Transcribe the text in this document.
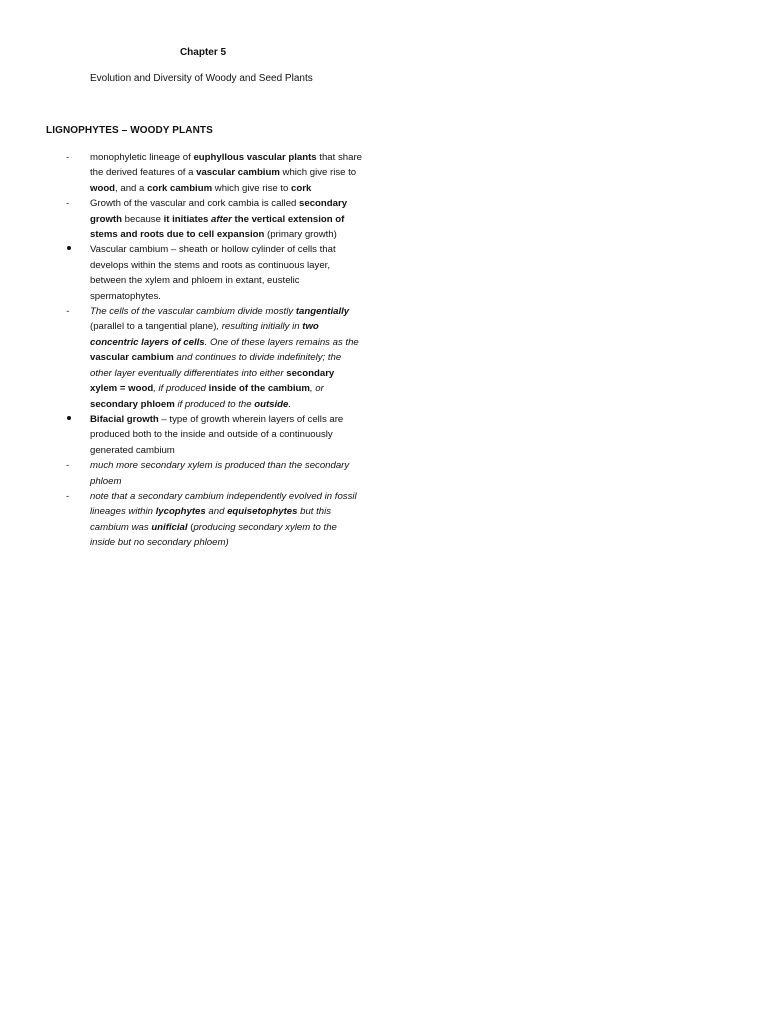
Chapter 5
Evolution and Diversity of Woody and Seed Plants
LIGNOPHYTES – WOODY PLANTS
-	monophyletic lineage of euphyllous vascular plants that share the derived features of a vascular cambium which give rise to wood, and a cork cambium which give rise to cork
-	Growth of the vascular and cork cambia is called secondary growth because it initiates after the vertical extension of stems and roots due to cell expansion (primary growth)
Vascular cambium – sheath or hollow cylinder of cells that develops within the stems and roots as continuous layer, between the xylem and phloem in extant, eustelic spermatophytes.
-	The cells of the vascular cambium divide mostly tangentially (parallel to a tangential plane), resulting initially in two concentric layers of cells. One of these layers remains as the vascular cambium and continues to divide indefinitely; the other layer eventually differentiates into either secondary xylem = wood, if produced inside of the cambium, or secondary phloem if produced to the outside.
Bifacial growth – type of growth wherein layers of cells are produced both to the inside and outside of a continuously generated cambium
-	much more secondary xylem is produced than the secondary phloem
-	note that a secondary cambium independently evolved in fossil lineages within lycophytes and equisetophytes but this cambium was unificial (producing secondary xylem to the inside but no secondary phloem)
